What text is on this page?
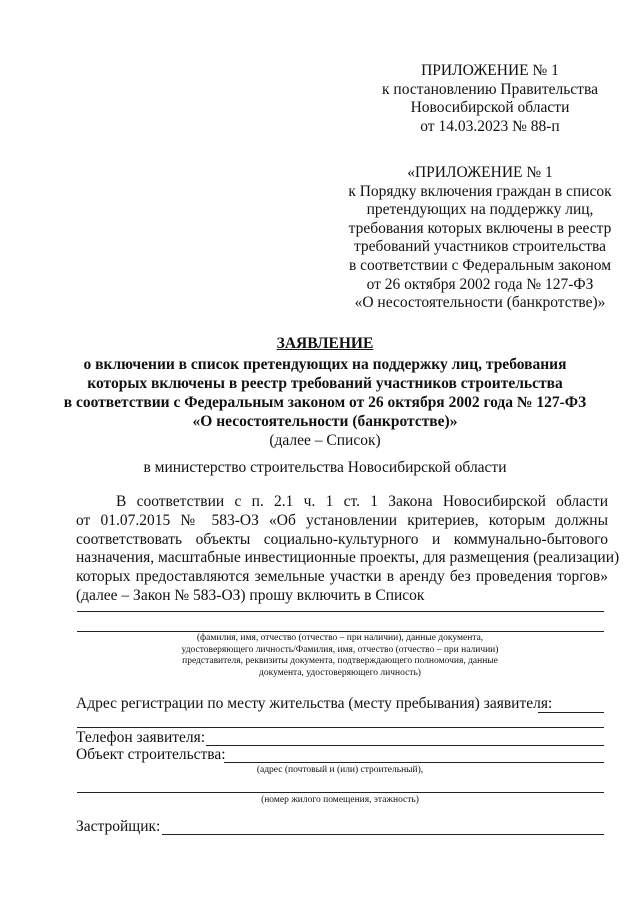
ПРИЛОЖЕНИЕ № 1
к постановлению Правительства
Новосибирской области
от 14.03.2023 № 88-п
«ПРИЛОЖЕНИЕ № 1
к Порядку включения граждан в список
претендующих на поддержку лиц,
требования которых включены в реестр
требований участников строительства
в соответствии с Федеральным законом
от 26 октября 2002 года № 127-ФЗ
«О несостоятельности (банкротстве)»
ЗАЯВЛЕНИЕ
о включении в список претендующих на поддержку лиц, требования
которых включены в реестр требований участников строительства
в соответствии с Федеральным законом от 26 октября 2002 года № 127-ФЗ
«О несостоятельности (банкротстве)»
(далее – Список)
в министерство строительства Новосибирской области
В соответствии с п. 2.1 ч. 1 ст. 1 Закона Новосибирской области
от 01.07.2015 № 583-ОЗ «Об установлении критериев, которым должны
соответствовать объекты социально-культурного и коммунально-бытового
назначения, масштабные инвестиционные проекты, для размещения (реализации)
которых предоставляются земельные участки в аренду без проведения торгов»
(далее – Закон № 583-ОЗ) прошу включить в Список
(фамилия, имя, отчество (отчество – при наличии), данные документа,
удостоверяющего личность/Фамилия, имя, отчество (отчество – при наличии)
представителя, реквизиты документа, подтверждающего полномочия, данные
документа, удостоверяющего личность)
Адрес регистрации по месту жительства (месту пребывания) заявителя:
Телефон заявителя:
Объект строительства:
(адрес (почтовый и (или) строительный),
(номер жилого помещения, этажность)
Застройщик:
